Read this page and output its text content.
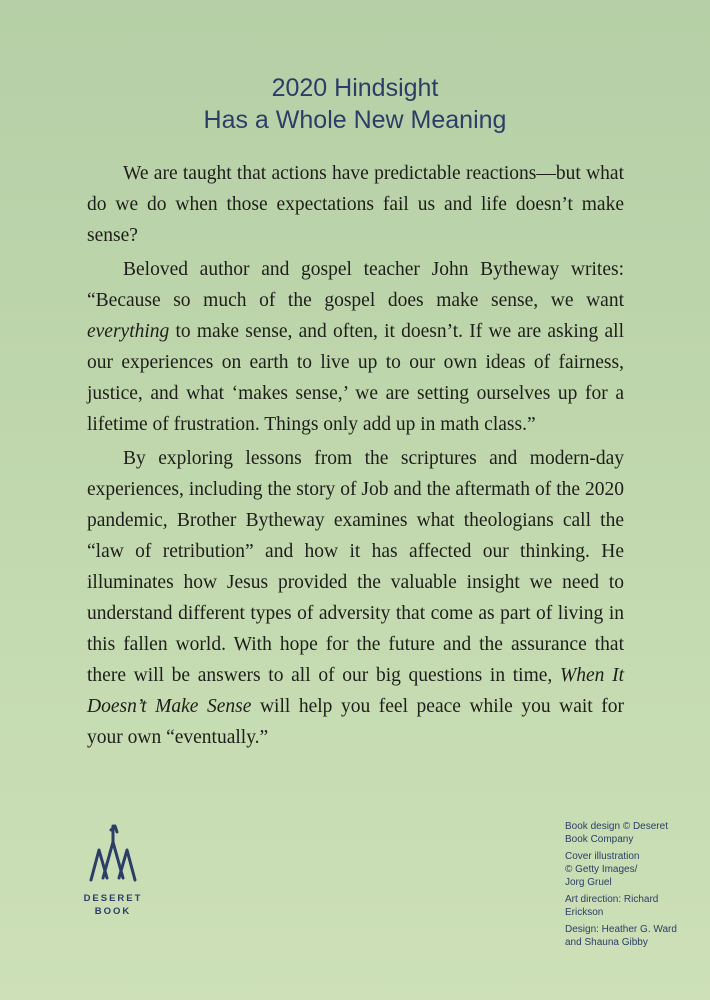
2020 Hindsight
Has a Whole New Meaning

We are taught that actions have predictable reactions—but what do we do when those expectations fail us and life doesn’t make sense?

Beloved author and gospel teacher John Bytheway writes: “Because so much of the gospel does make sense, we want everything to make sense, and often, it doesn’t. If we are asking all our experiences on earth to live up to our own ideas of fairness, justice, and what ‘makes sense,’ we are setting ourselves up for a lifetime of frustration. Things only add up in math class.”

By exploring lessons from the scriptures and modern-day experiences, including the story of Job and the aftermath of the 2020 pandemic, Brother Bytheway examines what theologians call the “law of retribution” and how it has affected our thinking. He illuminates how Jesus provided the valuable insight we need to understand different types of adversity that come as part of living in this fallen world. With hope for the future and the assurance that there will be answers to all of our big questions in time, When It Doesn’t Make Sense will help you feel peace while you wait for your own “eventually.”

DESERET
BOOK
Book design © Deseret
Book Company
Cover illustration
© Getty Images/
Jorg Gruel
Art direction: Richard
Erickson
Design: Heather G. Ward
and Shauna Gibby
